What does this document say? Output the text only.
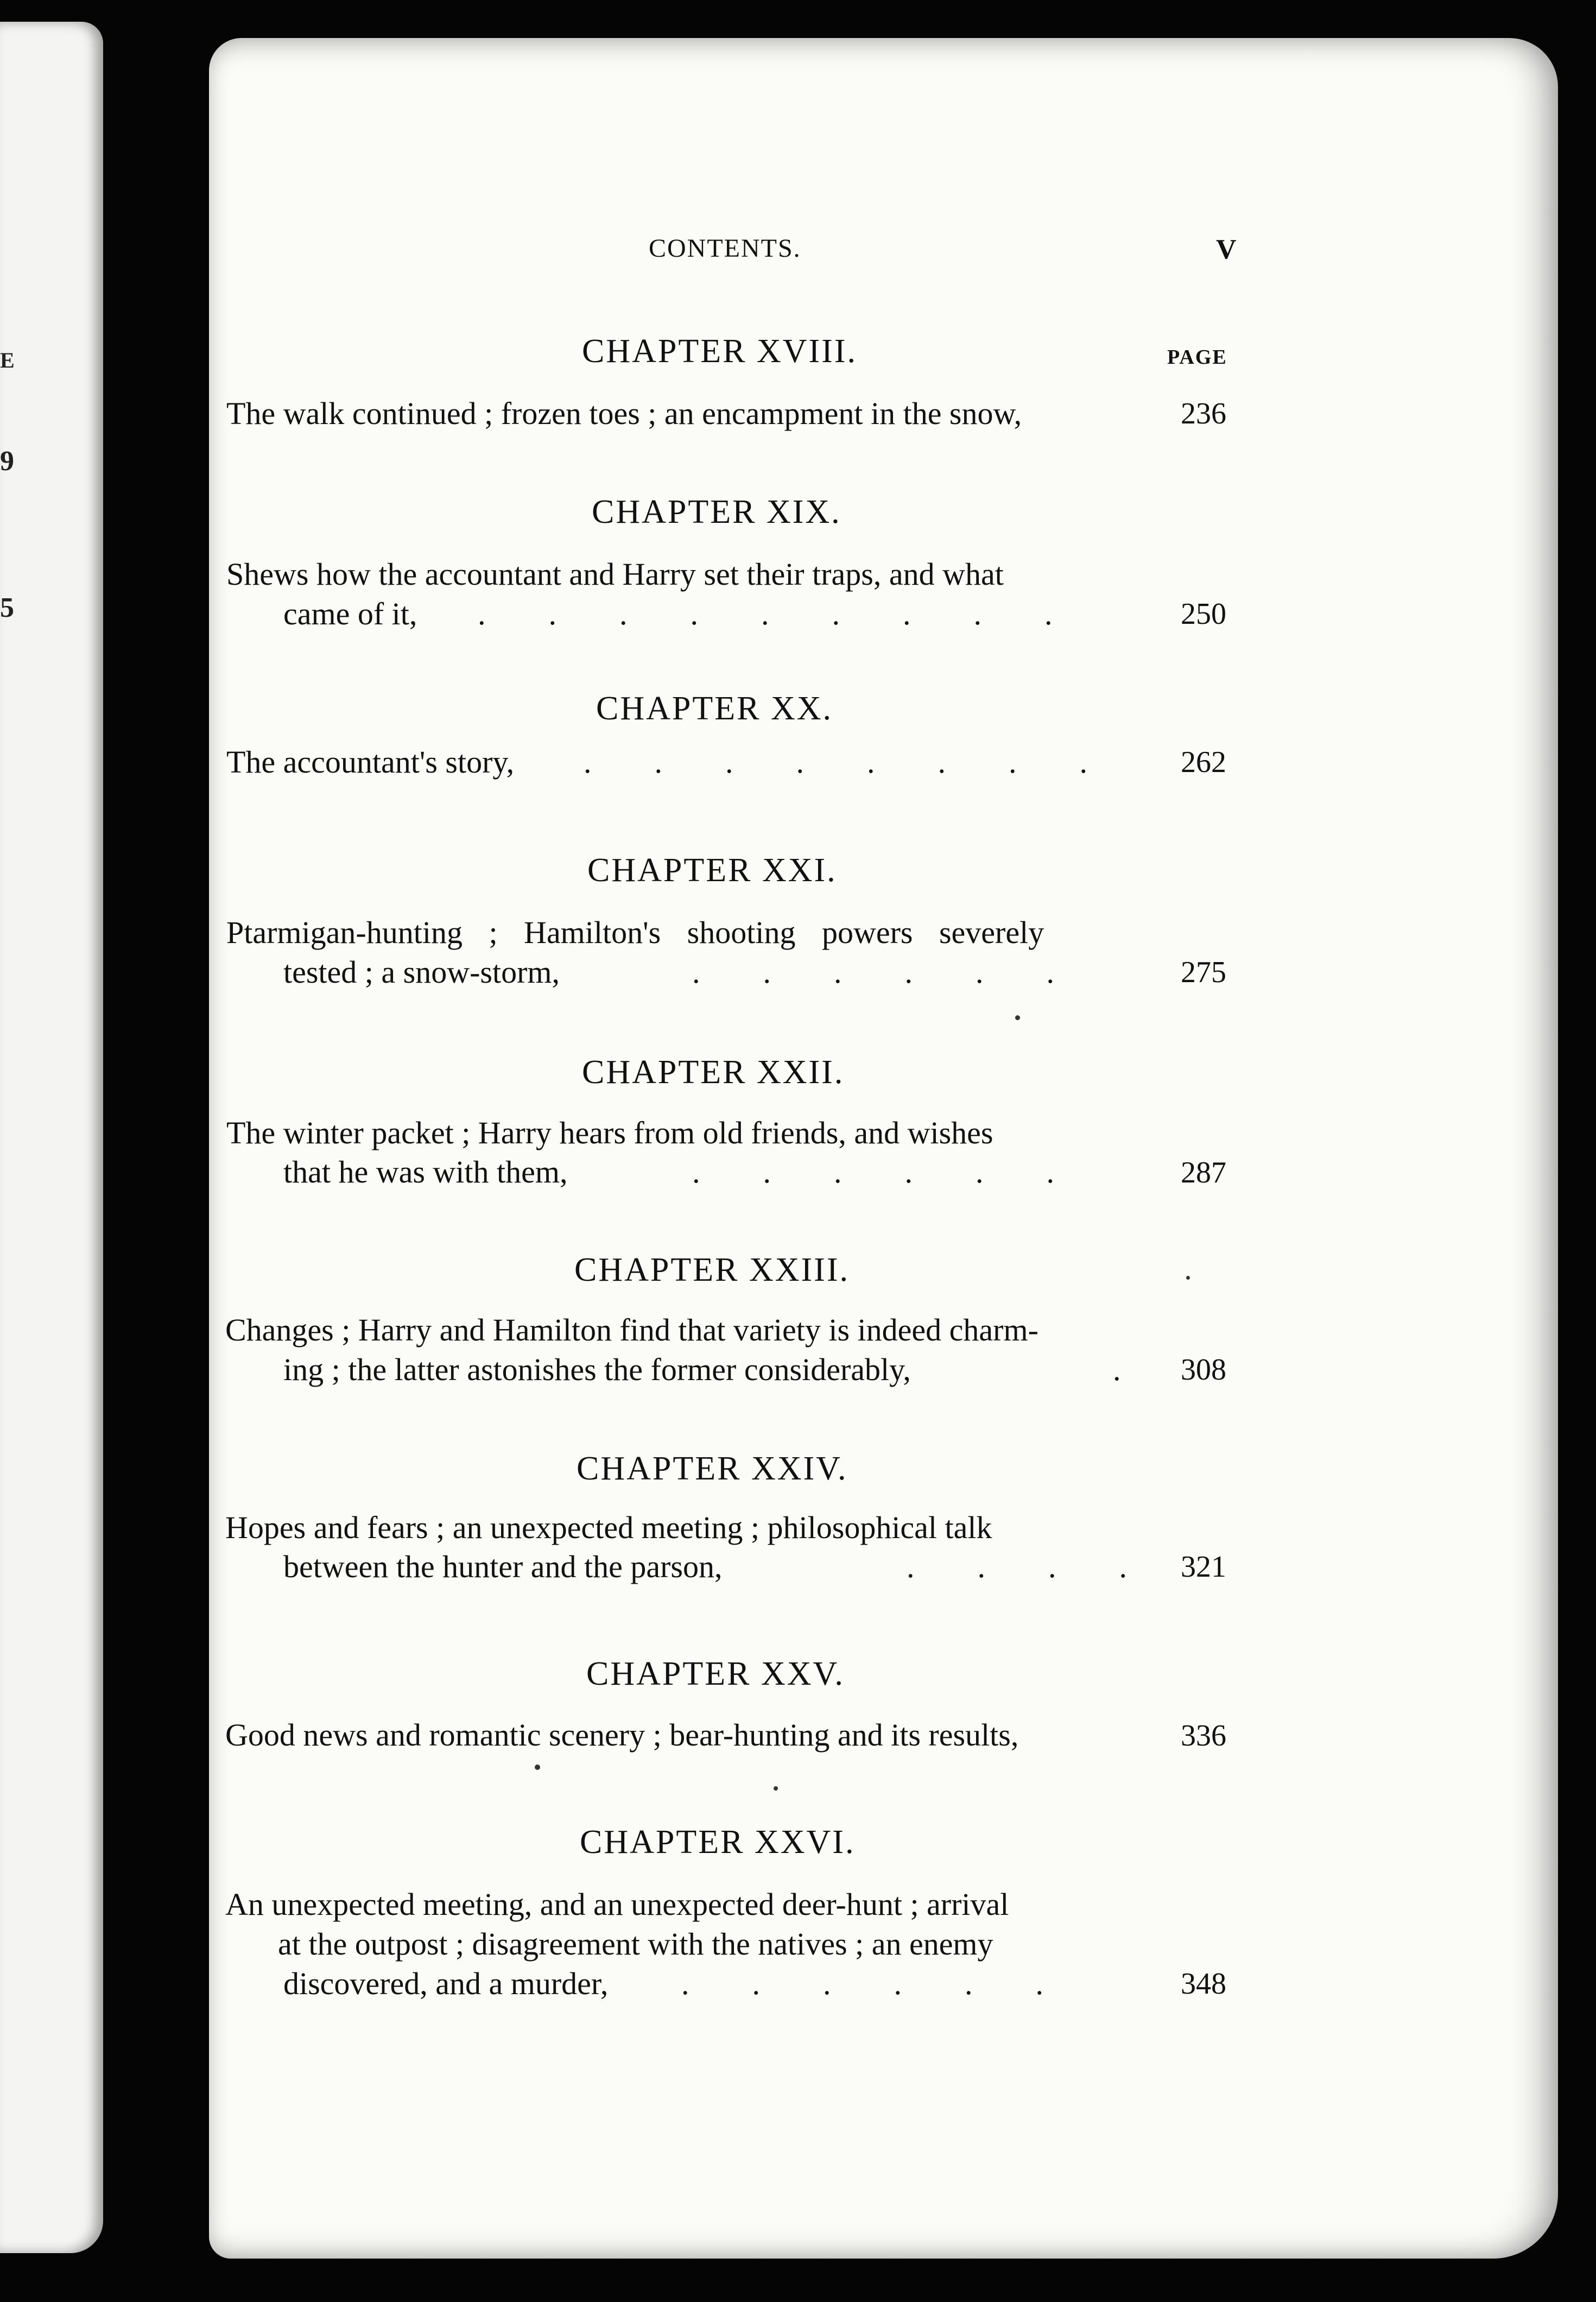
E
9
5
CONTENTS.	V
CHAPTER XVIII.	PAGE
The walk continued ; frozen toes ; an encampment in the snow,	236
CHAPTER XIX.
Shews how the accountant and Harry set their traps, and what
came of it, .        .        .        .        .        .        .        .        .	250
CHAPTER XX.
The accountant's story, .        .        .        .        .        .        .        .	262
CHAPTER XXI.
Ptarmigan-hunting ; Hamilton's shooting powers severely
tested ; a snow-storm,	.        .        .        .        .        .	275
CHAPTER XXII.
The winter packet ; Harry hears from old friends, and wishes
that he was with them,	.        .        .        .        .        .	287
CHAPTER XXIII.
Changes ; Harry and Hamilton find that variety is indeed charm-
ing ; the latter astonishes the former considerably,	. 308
CHAPTER XXIV.
Hopes and fears ; an unexpected meeting ; philosophical talk
between the hunter and the parson,	.        .        .        . 321
CHAPTER XXV.
Good news and romantic scenery ; bear-hunting and its results,	336
CHAPTER XXVI.
An unexpected meeting, and an unexpected deer-hunt ; arrival
at the outpost ; disagreement with the natives ; an enemy
discovered, and a murder, .        .        .        .        .        .	348
